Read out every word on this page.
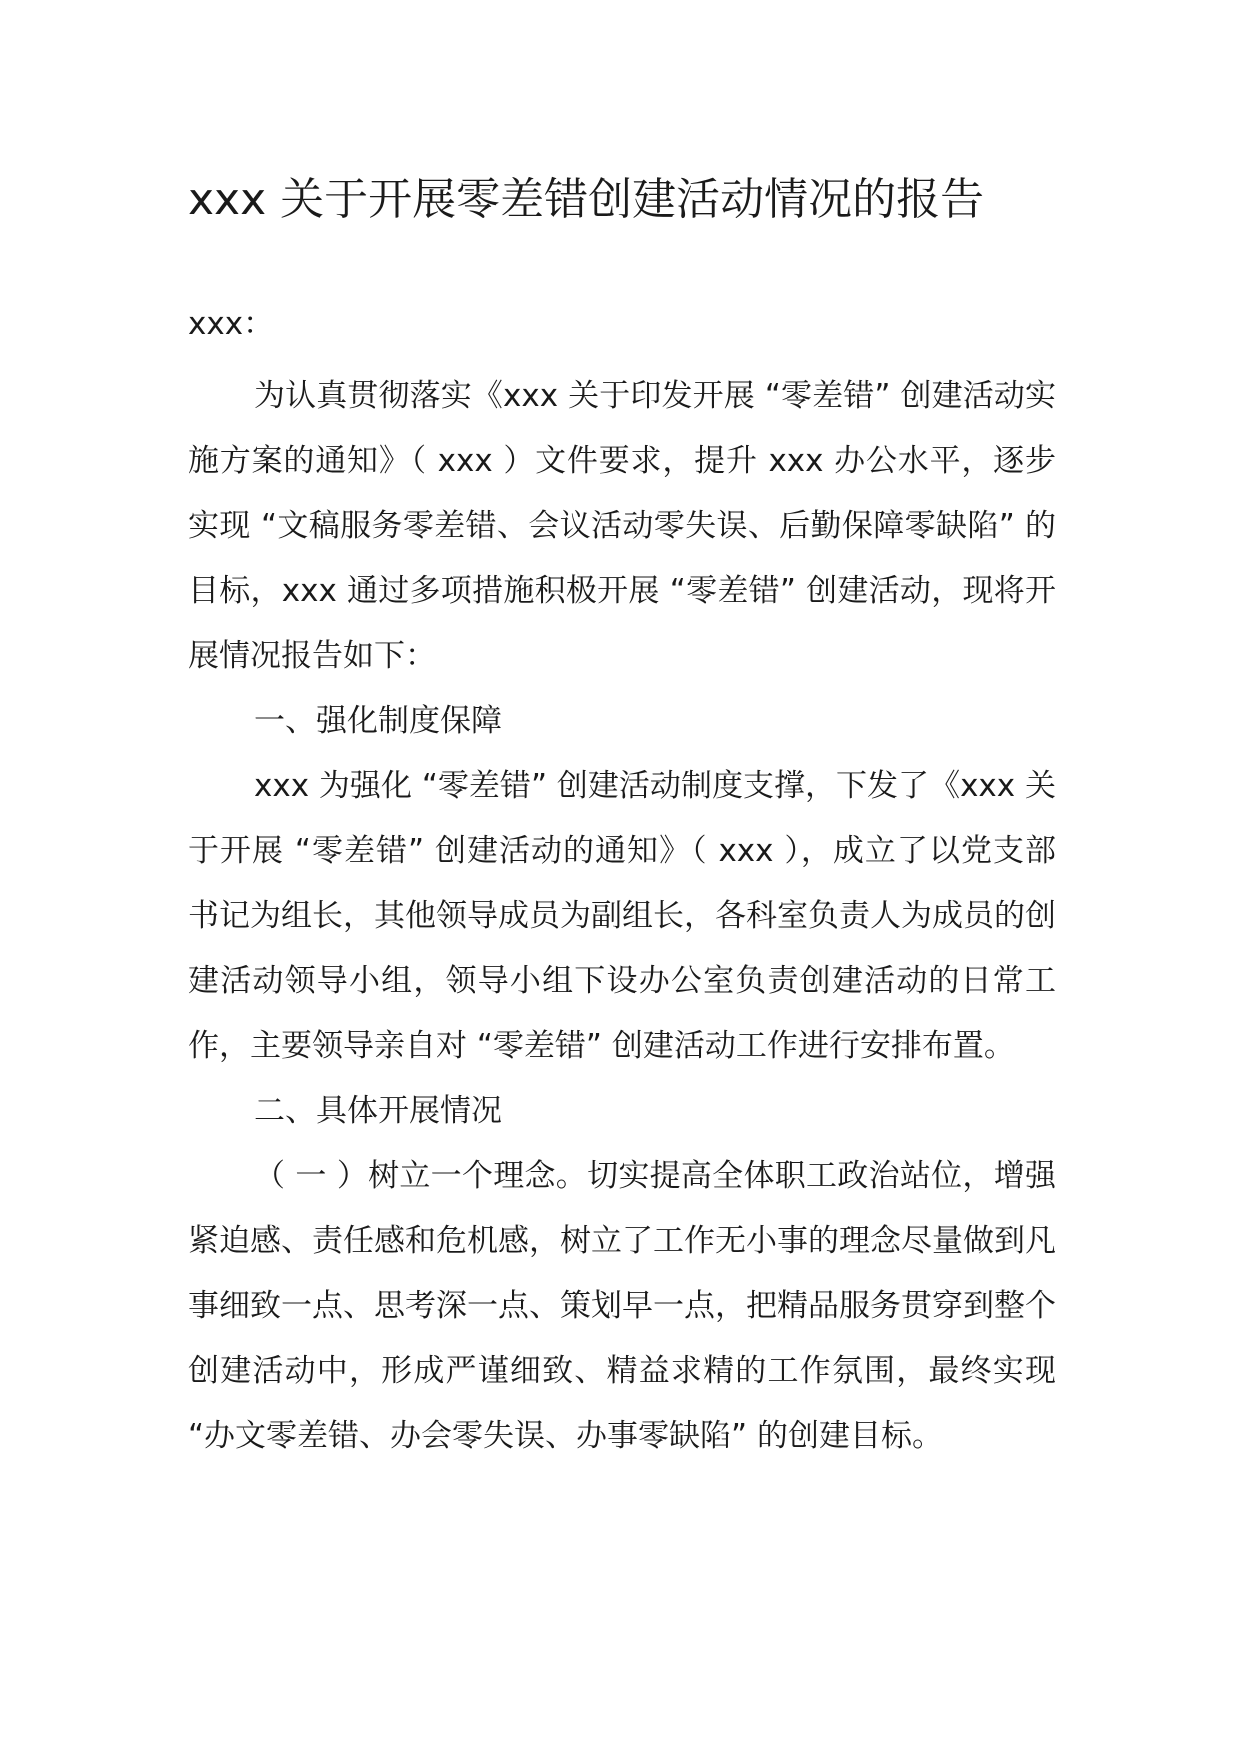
xxx 关于开展零差错创建活动情况的报告

xxx：

为认真贯彻落实《xxx 关于印发开展 “零差错” 创建活动实施方案的通知》（ xxx ）文件要求，提升 xxx 办公水平，逐步实现 “文稿服务零差错、会议活动零失误、后勤保障零缺陷” 的目标，xxx 通过多项措施积极开展 “零差错” 创建活动，现将开展情况报告如下：

一、强化制度保障

xxx 为强化 “零差错” 创建活动制度支撑，下发了《xxx 关于开展 “零差错” 创建活动的通知》（ xxx ），成立了以党支部书记为组长，其他领导成员为副组长，各科室负责人为成员的创建活动领导小组，领导小组下设办公室负责创建活动的日常工作，主要领导亲自对 “零差错” 创建活动工作进行安排布置。

二、具体开展情况

（ 一 ）树立一个理念。切实提高全体职工政治站位，增强紧迫感、责任感和危机感，树立了工作无小事的理念尽量做到凡事细致一点、思考深一点、策划早一点，把精品服务贯穿到整个创建活动中，形成严谨细致、精益求精的工作氛围，最终实现 “办文零差错、办会零失误、办事零缺陷” 的创建目标。
